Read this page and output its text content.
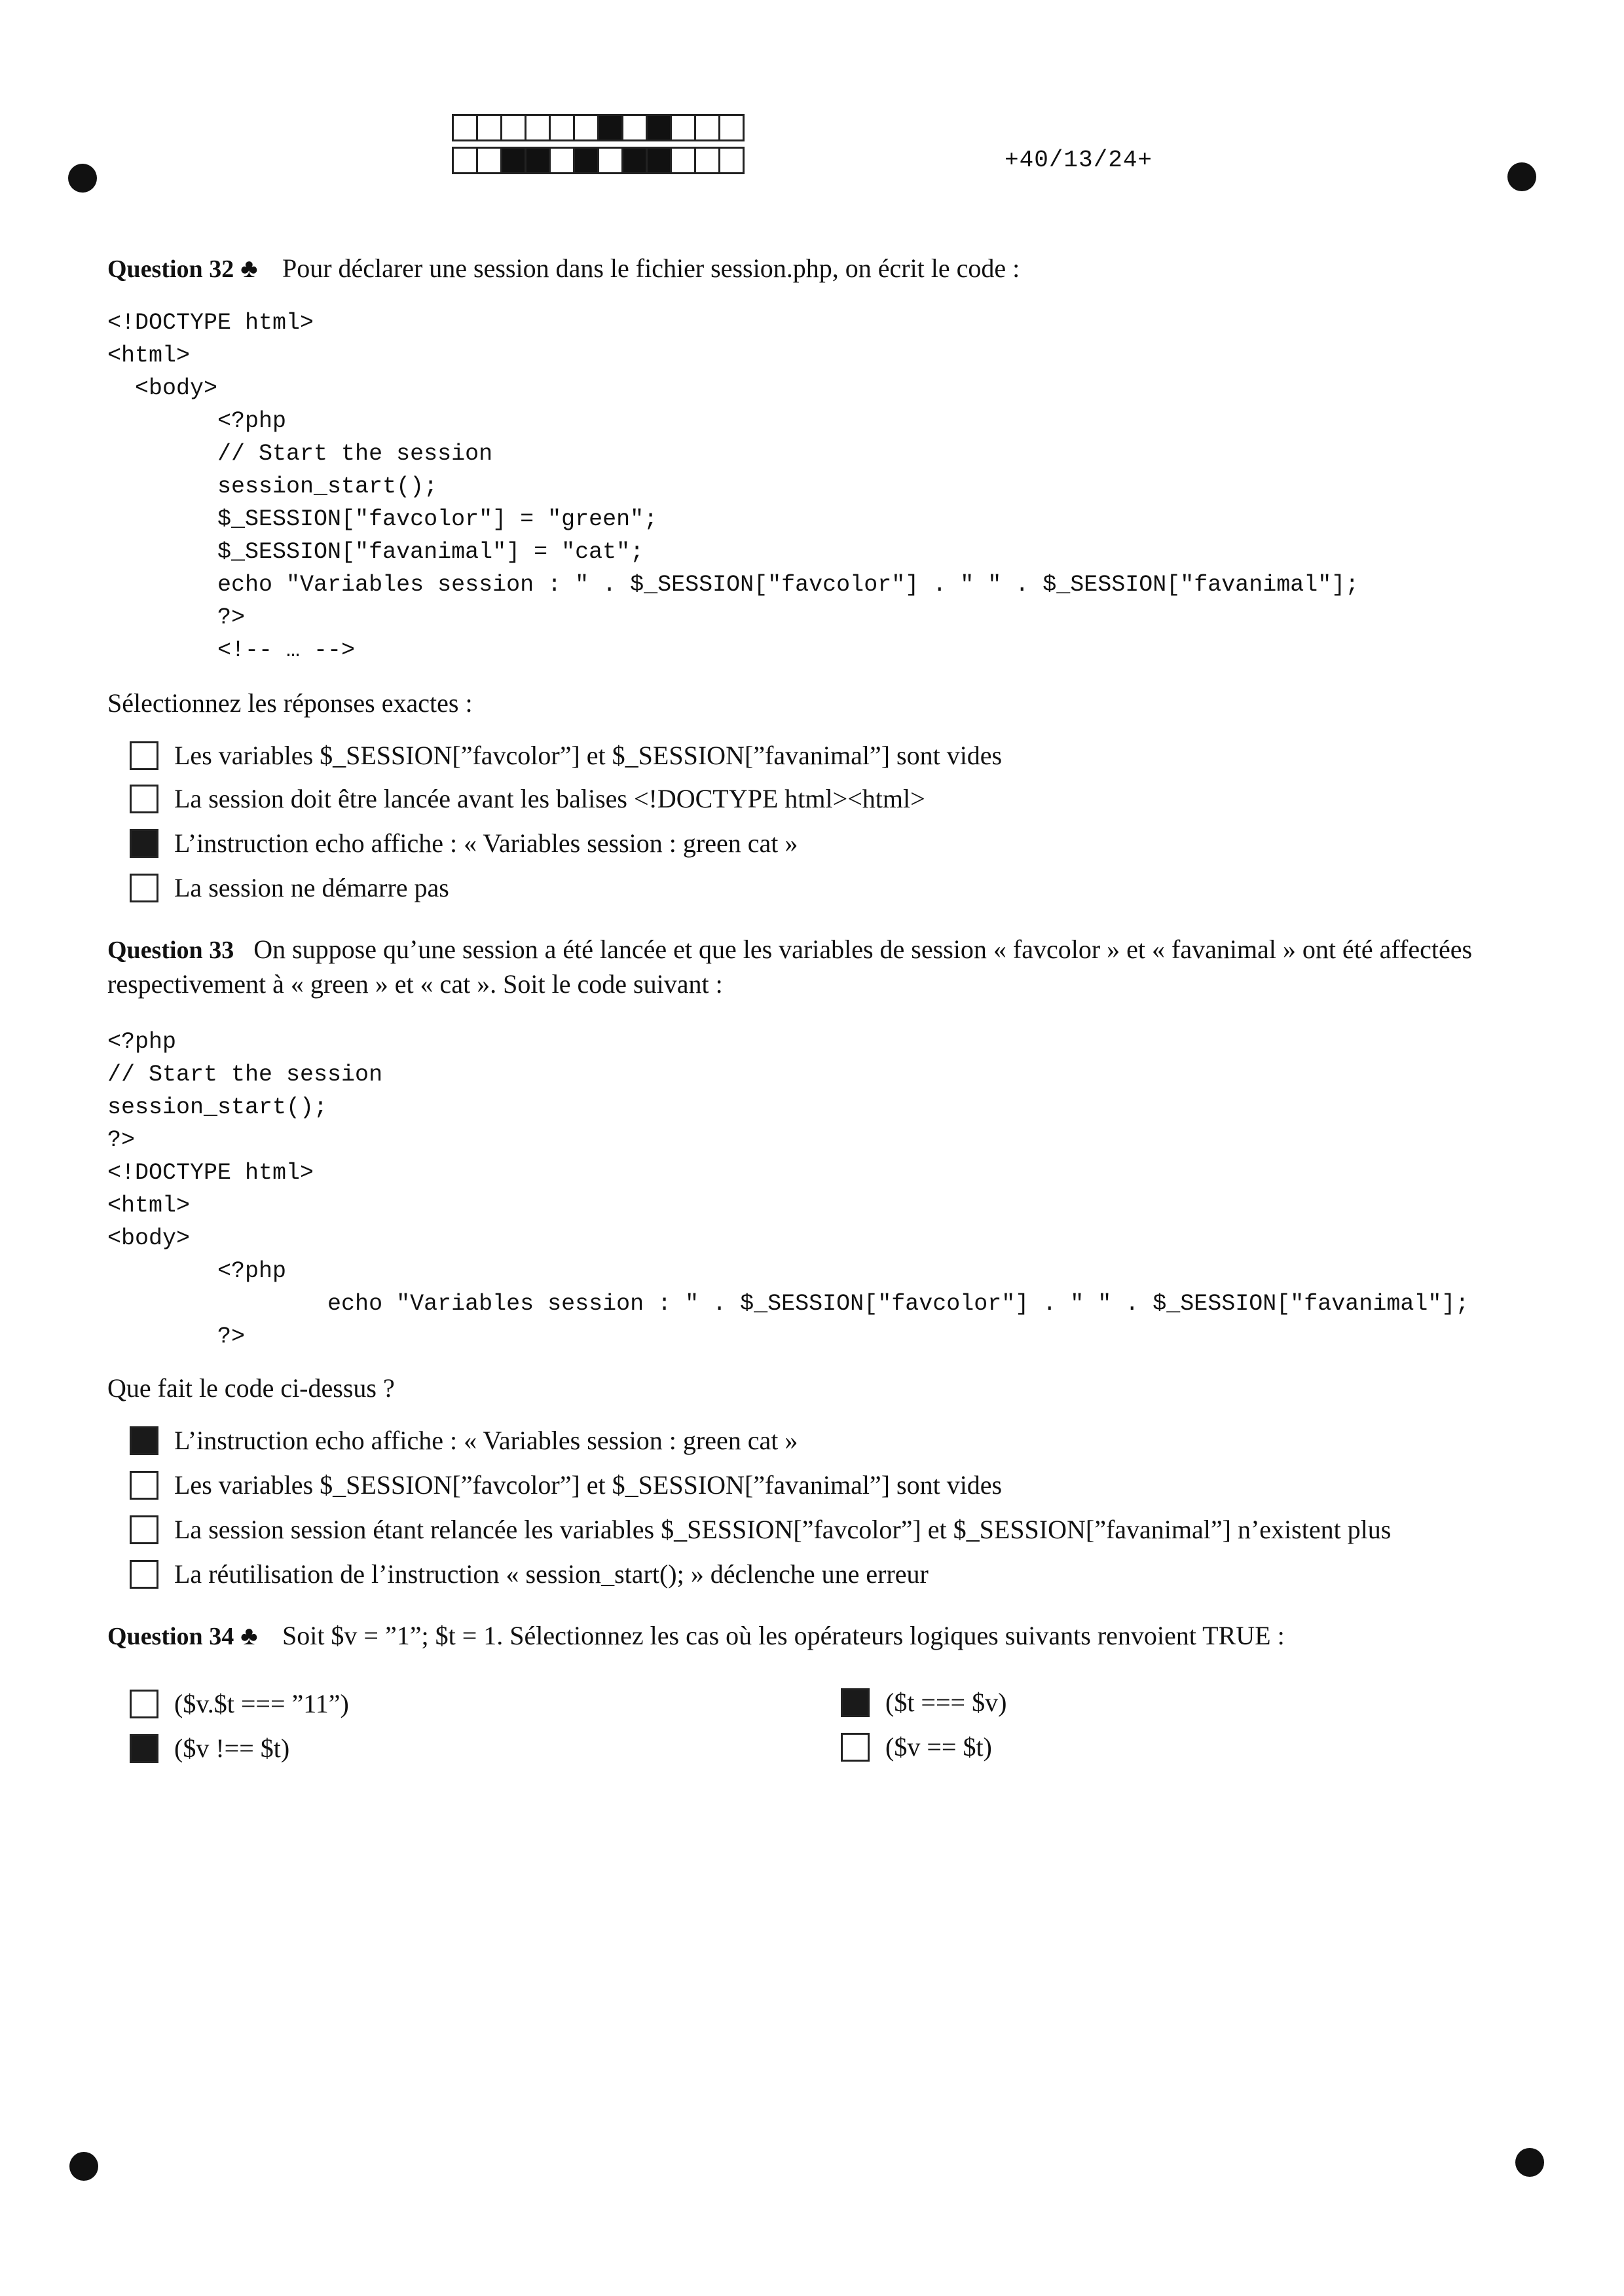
+40/13/24+
Question 32 ♣ Pour déclarer une session dans le fichier session.php, on écrit le code :
<!DOCTYPE html>
<html>
<body>
<?php
// Start the session
session_start();
$_SESSION["favcolor"] = "green";
$_SESSION["favanimal"] = "cat";
echo "Variables session : " . $_SESSION["favcolor"] . " " . $_SESSION["favanimal"];
?>
<!-- … -->
Sélectionnez les réponses exactes :
Les variables $_SESSION[”favcolor”] et $_SESSION[”favanimal”] sont vides
La session doit être lancée avant les balises <!DOCTYPE html><html>
L’instruction echo affiche : « Variables session : green cat »
La session ne démarre pas
Question 33 On suppose qu’une session a été lancée et que les variables de session « favcolor » et « favanimal » ont été affectées respectivement à « green » et « cat ». Soit le code suivant :
<?php
// Start the session
session_start();
?>
<!DOCTYPE html>
<html>
<body>
<?php
echo "Variables session : " . $_SESSION["favcolor"] . " " . $_SESSION["favanimal"];
?>
Que fait le code ci-dessus ?
L’instruction echo affiche : « Variables session : green cat »
Les variables $_SESSION[”favcolor”] et $_SESSION[”favanimal”] sont vides
La session session étant relancée les variables $_SESSION[”favcolor”] et $_SESSION[”favanimal”] n’existent plus
La réutilisation de l’instruction « session_start(); » déclenche une erreur
Question 34 ♣ Soit $v = ”1”; $t = 1. Sélectionnez les cas où les opérateurs logiques suivants renvoient TRUE :
($v.$t === ”11”)	($t === $v)
($v !== $t)	($v == $t)
